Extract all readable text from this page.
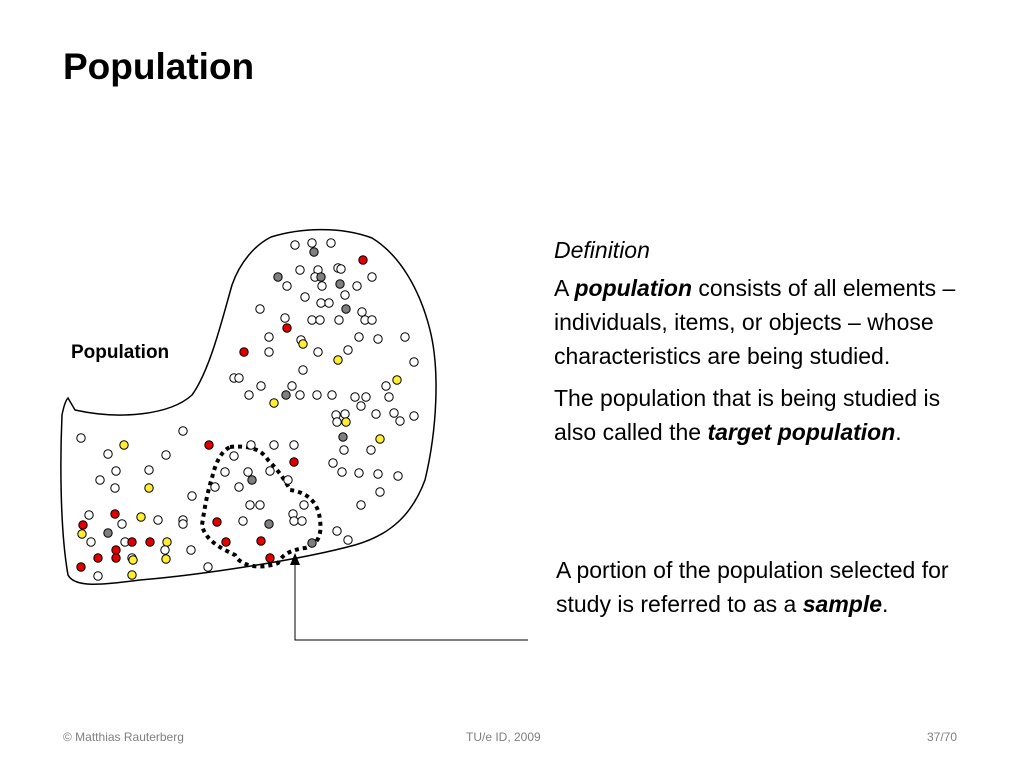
Population
Population

Definition

A population consists of all elements – individuals, items, or objects – whose characteristics are being studied.

The population that is being studied is also called the target population.

A portion of the population selected for study is referred to as a sample.
© Matthias Rauterberg	TU/e ID, 2009	37/70
